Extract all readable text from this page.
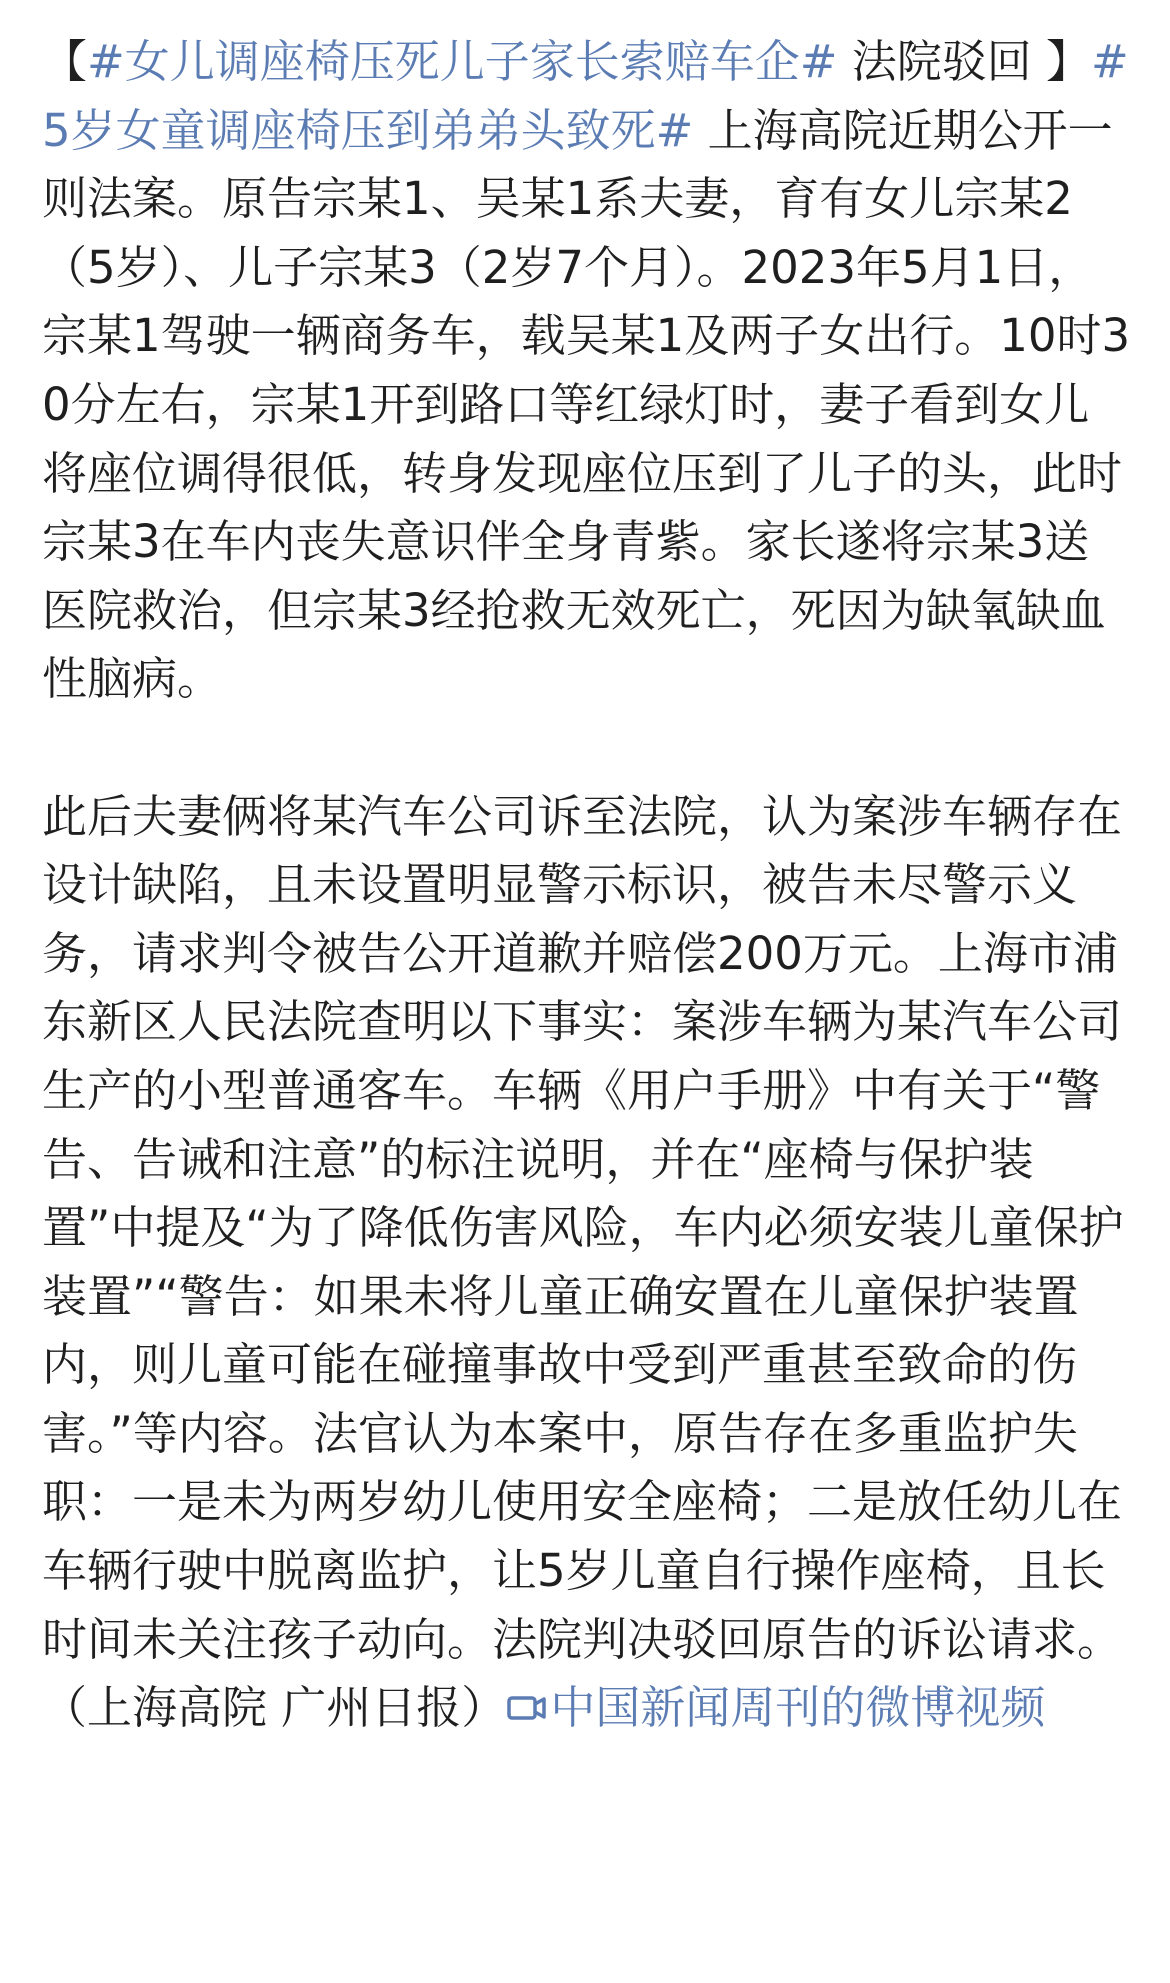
【#女儿调座椅压死儿子家长索赔车企# 法院驳回 】#5岁女童调座椅压到弟弟头致死# 上海高院近期公开一则法案。原告宗某1、吴某1系夫妻，育有女儿宗某2（5岁）、儿子宗某3（2岁7个月）。2023年5月1日，宗某1驾驶一辆商务车，载吴某1及两子女出行。10时30分左右，宗某1开到路口等红绿灯时，妻子看到女儿将座位调得很低，转身发现座位压到了儿子的头，此时宗某3在车内丧失意识伴全身青紫。家长遂将宗某3送医院救治，但宗某3经抢救无效死亡，死因为缺氧缺血性脑病。

此后夫妻俩将某汽车公司诉至法院，认为案涉车辆存在设计缺陷，且未设置明显警示标识，被告未尽警示义务，请求判令被告公开道歉并赔偿200万元。上海市浦东新区人民法院查明以下事实：案涉车辆为某汽车公司生产的小型普通客车。车辆《用户手册》中有关于“警告、告诫和注意”的标注说明，并在“座椅与保护装置”中提及“为了降低伤害风险，车内必须安装儿童保护装置”“警告：如果未将儿童正确安置在儿童保护装置内，则儿童可能在碰撞事故中受到严重甚至致命的伤害。”等内容。法官认为本案中，原告存在多重监护失职：一是未为两岁幼儿使用安全座椅；二是放任幼儿在车辆行驶中脱离监护，让5岁儿童自行操作座椅，且长时间未关注孩子动向。法院判决驳回原告的诉讼请求。（上海高院 广州日报） 中国新闻周刊的微博视频
